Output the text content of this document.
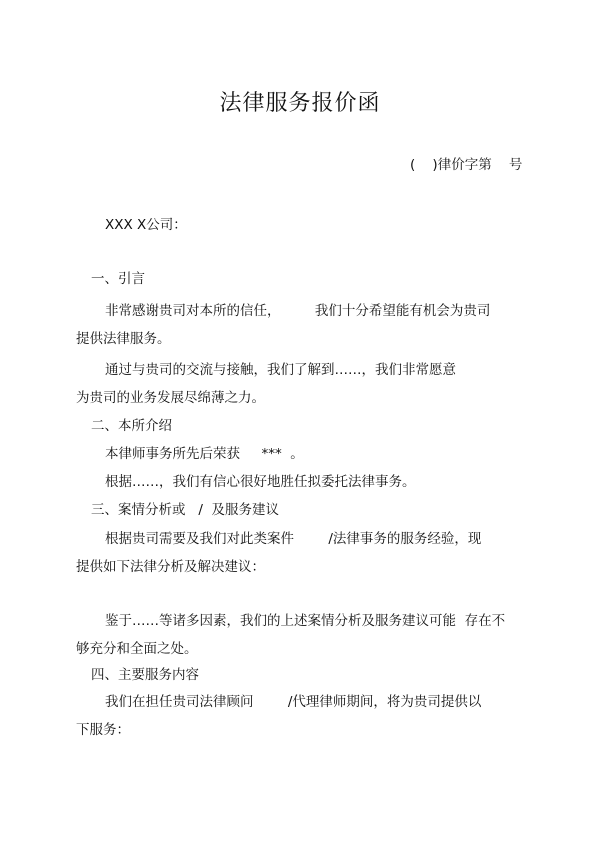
法律服务报价函
(    )律价字第    号
XXX X公司：
一、引言
非常感谢贵司对本所的信任，        我们十分希望能有机会为贵司
提供法律服务。
通过与贵司的交流与接触，我们了解到……，我们非常愿意
为贵司的业务发展尽绵薄之力。
二、本所介绍
本律师事务所先后荣获     ***  。
根据……，我们有信心很好地胜任拟委托法律事务。
三、案情分析或   /  及服务建议
根据贵司需要及我们对此类案件        /法律事务的服务经验，现
提供如下法律分析及解决建议：
鉴于……等诸多因素，我们的上述案情分析及服务建议可能  存在不
够充分和全面之处。
四、主要服务内容
我们在担任贵司法律顾问        /代理律师期间，将为贵司提供以
下服务：
